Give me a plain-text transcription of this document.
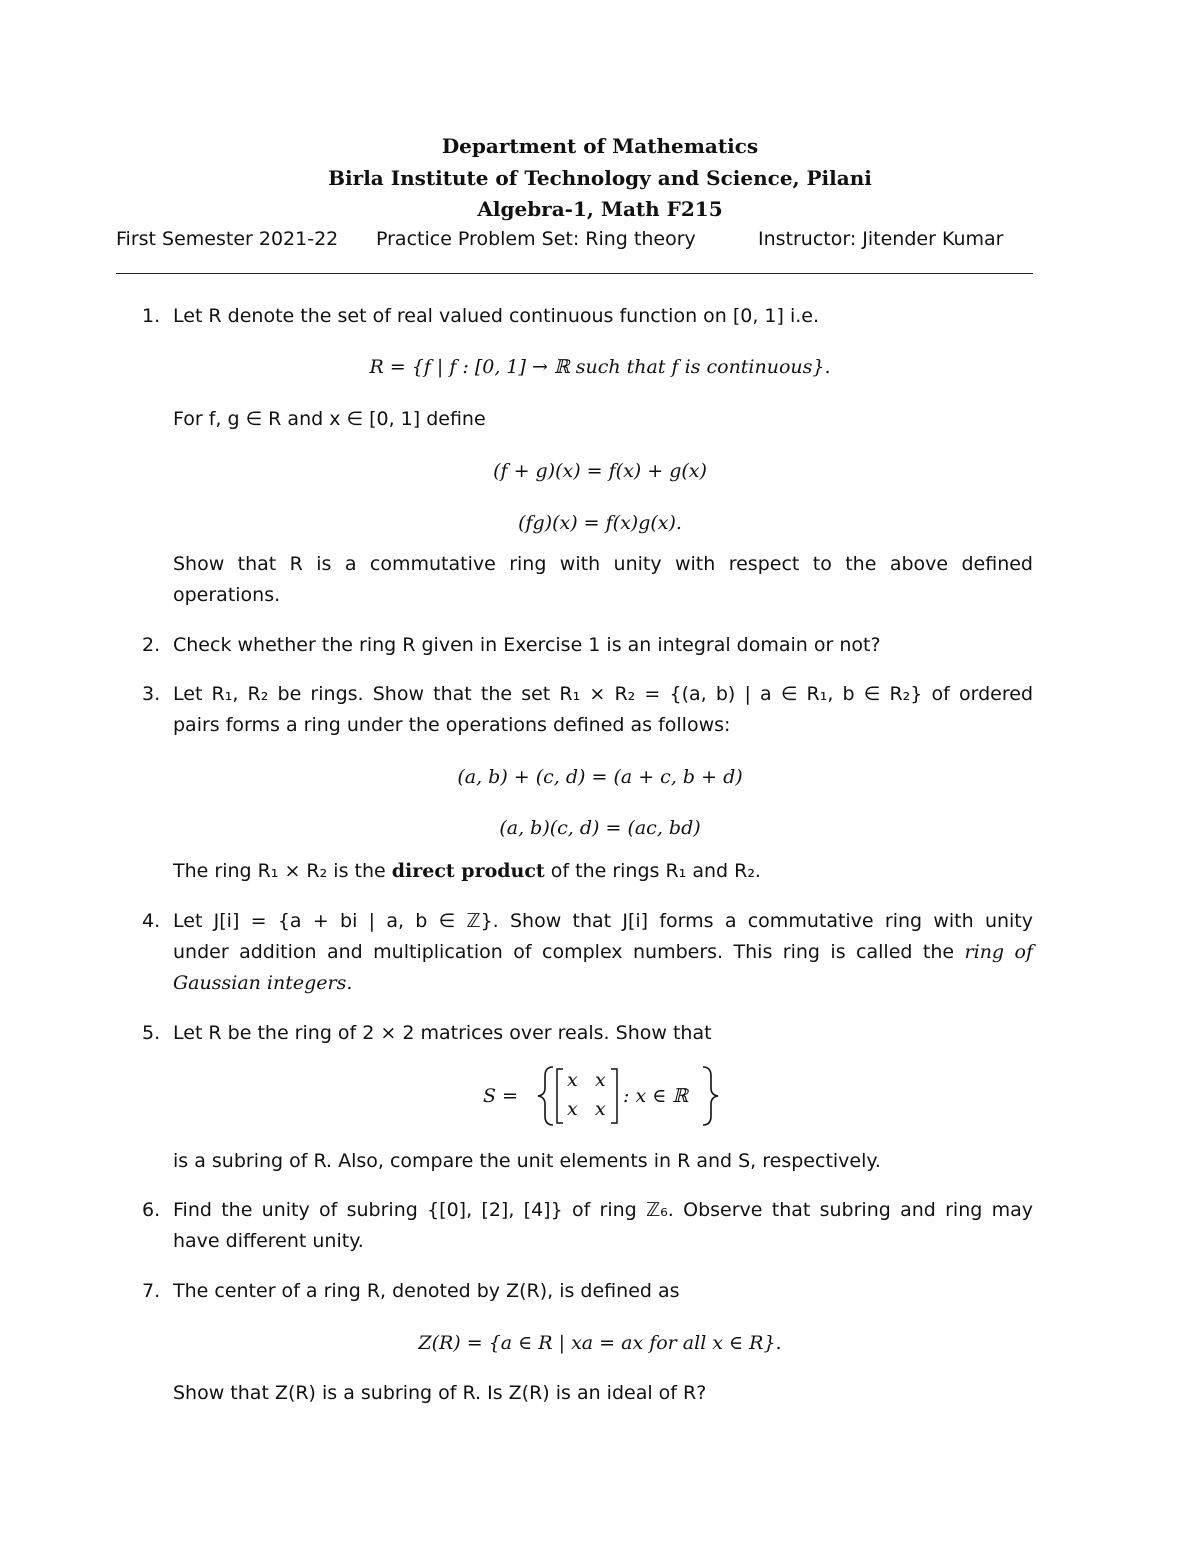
Department of Mathematics
Birla Institute of Technology and Science, Pilani
Algebra-1, Math F215
First Semester 2021-22 Practice Problem Set: Ring theory	Instructor: Jitender Kumar
1. Let R denote the set of real valued continuous function on [0, 1] i.e.
R = {f | f : [0, 1] → ℝ such that f is continuous}.
For f, g ∈ R and x ∈ [0, 1] define
(f + g)(x) = f(x) + g(x)
(fg)(x) = f(x)g(x).
Show that R is a commutative ring with unity with respect to the above defined
operations.
2. Check whether the ring R given in Exercise 1 is an integral domain or not?
3. Let R₁, R₂ be rings. Show that the set R₁ × R₂ = {(a, b) | a ∈ R₁, b ∈ R₂} of ordered
pairs forms a ring under the operations defined as follows:
(a, b) + (c, d) = (a + c, b + d)
(a, b)(c, d) = (ac, bd)
The ring R₁ × R₂ is the direct product of the rings R₁ and R₂.
4. Let J[i] = {a + bi | a, b ∈ ℤ}. Show that J[i] forms a commutative ring with unity
under addition and multiplication of complex numbers. This ring is called the ring of
Gaussian integers.
5. Let R be the ring of 2 × 2 matrices over reals. Show that
S =
x x
x x
: x ∈ ℝ
is a subring of R. Also, compare the unit elements in R and S, respectively.
6. Find the unity of subring {[0], [2], [4]} of ring ℤ₆. Observe that subring and ring may
have different unity.
7. The center of a ring R, denoted by Z(R), is defined as
Z(R) = {a ∈ R | xa = ax for all x ∈ R}.
Show that Z(R) is a subring of R. Is Z(R) is an ideal of R?
